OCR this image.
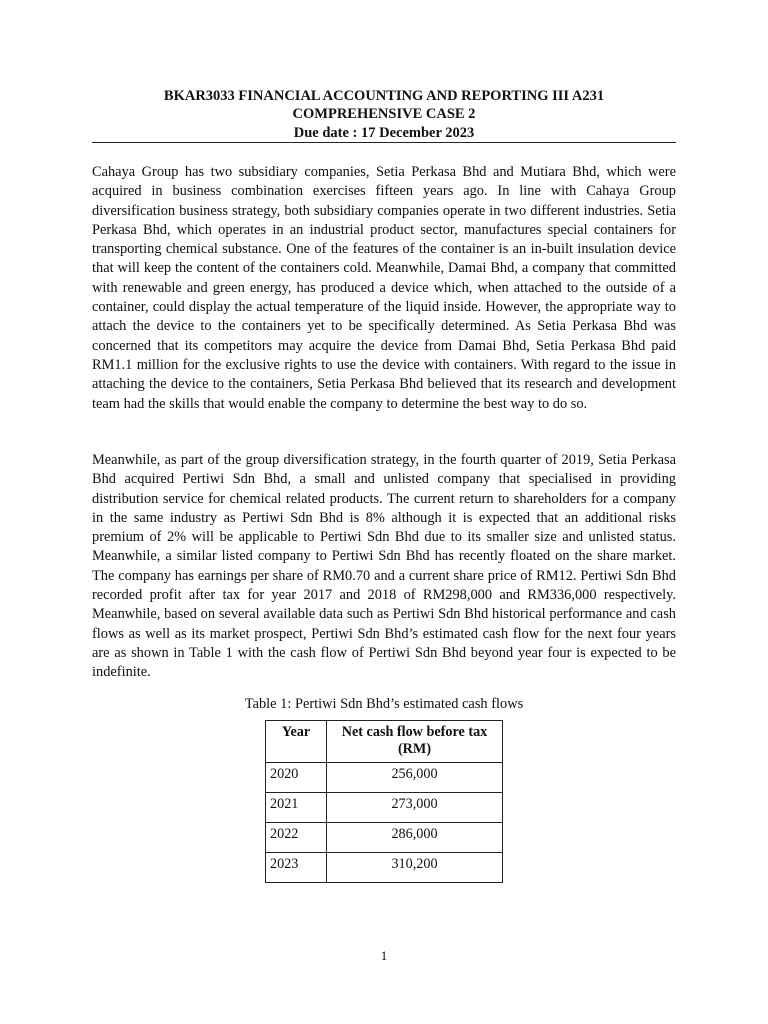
BKAR3033 FINANCIAL ACCOUNTING AND REPORTING III A231
COMPREHENSIVE CASE 2
Due date : 17 December 2023

Cahaya Group has two subsidiary companies, Setia Perkasa Bhd and Mutiara Bhd, which were acquired in business combination exercises fifteen years ago. In line with Cahaya Group diversification business strategy, both subsidiary companies operate in two different industries. Setia Perkasa Bhd, which operates in an industrial product sector, manufactures special containers for transporting chemical substance. One of the features of the container is an in-built insulation device that will keep the content of the containers cold. Meanwhile, Damai Bhd, a company that committed with renewable and green energy, has produced a device which, when attached to the outside of a container, could display the actual temperature of the liquid inside. However, the appropriate way to attach the device to the containers yet to be specifically determined. As Setia Perkasa Bhd was concerned that its competitors may acquire the device from Damai Bhd, Setia Perkasa Bhd paid RM1.1 million for the exclusive rights to use the device with containers. With regard to the issue in attaching the device to the containers, Setia Perkasa Bhd believed that its research and development team had the skills that would enable the company to determine the best way to do so.

Meanwhile, as part of the group diversification strategy, in the fourth quarter of 2019, Setia Perkasa Bhd acquired Pertiwi Sdn Bhd, a small and unlisted company that specialised in providing distribution service for chemical related products. The current return to shareholders for a company in the same industry as Pertiwi Sdn Bhd is 8% although it is expected that an additional risks premium of 2% will be applicable to Pertiwi Sdn Bhd due to its smaller size and unlisted status. Meanwhile, a similar listed company to Pertiwi Sdn Bhd has recently floated on the share market. The company has earnings per share of RM0.70 and a current share price of RM12. Pertiwi Sdn Bhd recorded profit after tax for year 2017 and 2018 of RM298,000 and RM336,000 respectively. Meanwhile, based on several available data such as Pertiwi Sdn Bhd historical performance and cash flows as well as its market prospect, Pertiwi Sdn Bhd’s estimated cash flow for the next four years are as shown in Table 1 with the cash flow of Pertiwi Sdn Bhd beyond year four is expected to be indefinite.

Table 1: Pertiwi Sdn Bhd’s estimated cash flows
Year	Net cash flow before tax (RM)
2020	256,000
2021	273,000
2022	286,000
2023	310,200
1
